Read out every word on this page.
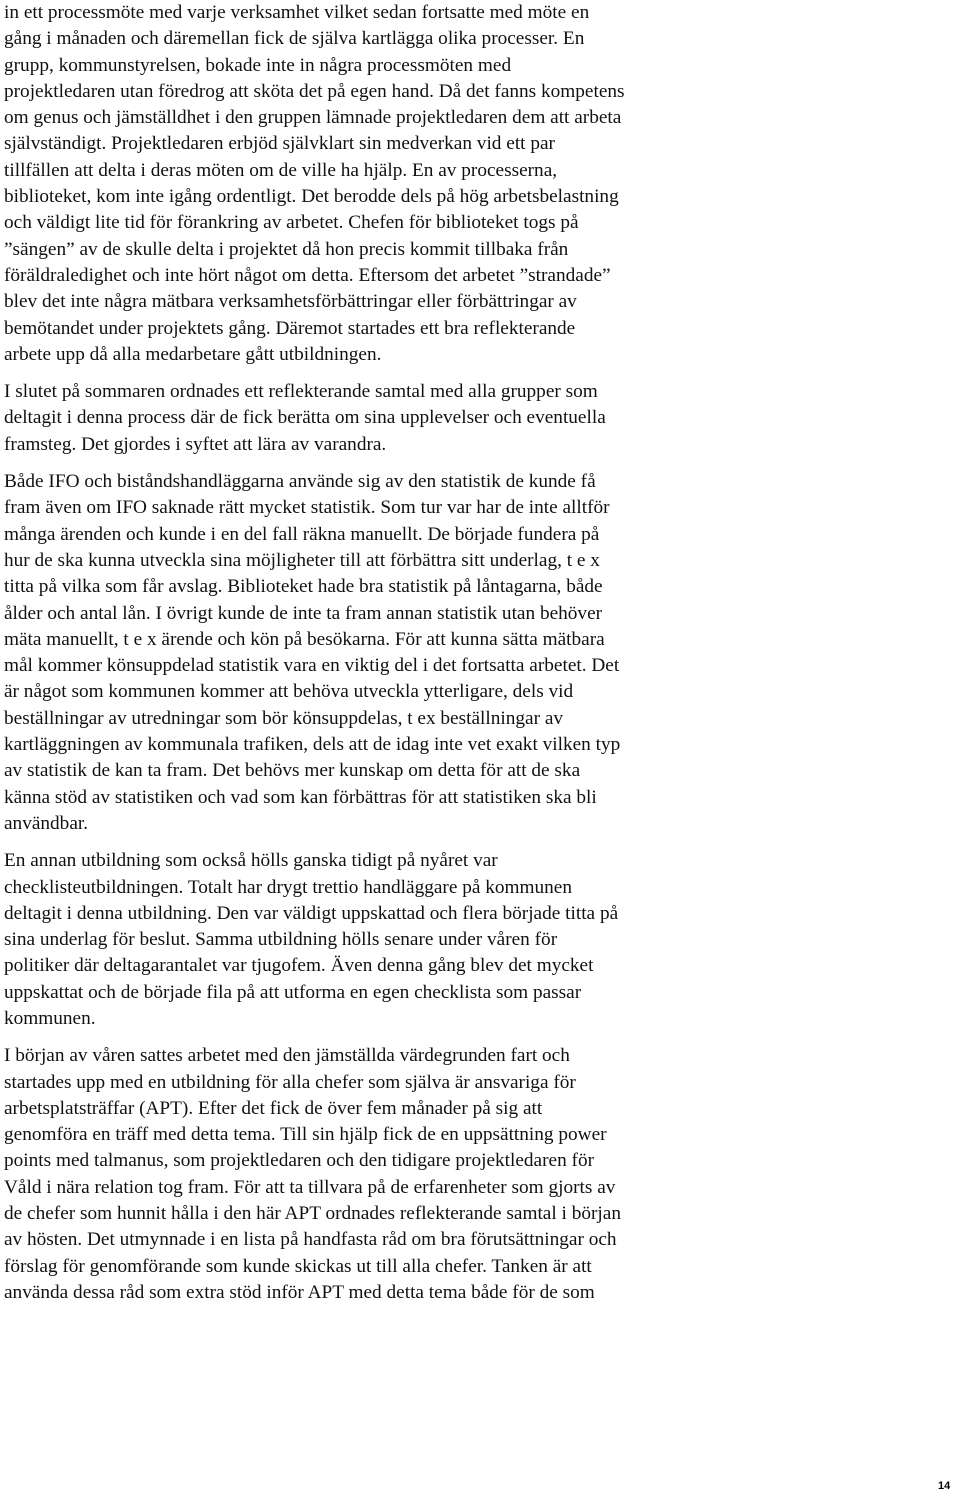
in ett processmöte med varje verksamhet vilket sedan fortsatte med möte en
gång i månaden och däremellan fick de själva kartlägga olika processer. En
grupp, kommunstyrelsen, bokade inte in några processmöten med
projektledaren utan föredrog att sköta det på egen hand. Då det fanns kompetens
om genus och jämställdhet i den gruppen lämnade projektledaren dem att arbeta
självständigt. Projektledaren erbjöd självklart sin medverkan vid ett par
tillfällen att delta i deras möten om de ville ha hjälp. En av processerna,
biblioteket, kom inte igång ordentligt. Det berodde dels på hög arbetsbelastning
och väldigt lite tid för förankring av arbetet. Chefen för biblioteket togs på
”sängen” av de skulle delta i projektet då hon precis kommit tillbaka från
föräldraledighet och inte hört något om detta. Eftersom det arbetet ”strandade”
blev det inte några mätbara verksamhetsförbättringar eller förbättringar av
bemötandet under projektets gång. Däremot startades ett bra reflekterande
arbete upp då alla medarbetare gått utbildningen.
I slutet på sommaren ordnades ett reflekterande samtal med alla grupper som
deltagit i denna process där de fick berätta om sina upplevelser och eventuella
framsteg. Det gjordes i syftet att lära av varandra.
Både IFO och biståndshandläggarna använde sig av den statistik de kunde få
fram även om IFO saknade rätt mycket statistik. Som tur var har de inte alltför
många ärenden och kunde i en del fall räkna manuellt. De började fundera på
hur de ska kunna utveckla sina möjligheter till att förbättra sitt underlag, t e x
titta på vilka som får avslag. Biblioteket hade bra statistik på låntagarna, både
ålder och antal lån. I övrigt kunde de inte ta fram annan statistik utan behöver
mäta manuellt, t e x ärende och kön på besökarna. För att kunna sätta mätbara
mål kommer könsuppdelad statistik vara en viktig del i det fortsatta arbetet. Det
är något som kommunen kommer att behöva utveckla ytterligare, dels vid
beställningar av utredningar som bör könsuppdelas, t ex beställningar av
kartläggningen av kommunala trafiken, dels att de idag inte vet exakt vilken typ
av statistik de kan ta fram. Det behövs mer kunskap om detta för att de ska
känna stöd av statistiken och vad som kan förbättras för att statistiken ska bli
användbar.
En annan utbildning som också hölls ganska tidigt på nyåret var
checklisteutbildningen. Totalt har drygt trettio handläggare på kommunen
deltagit i denna utbildning. Den var väldigt uppskattad och flera började titta på
sina underlag för beslut. Samma utbildning hölls senare under våren för
politiker där deltagarantalet var tjugofem. Även denna gång blev det mycket
uppskattat och de började fila på att utforma en egen checklista som passar
kommunen.
I början av våren sattes arbetet med den jämställda värdegrunden fart och
startades upp med en utbildning för alla chefer som själva är ansvariga för
arbetsplatsträffar (APT). Efter det fick de över fem månader på sig att
genomföra en träff med detta tema. Till sin hjälp fick de en uppsättning power
points med talmanus, som projektledaren och den tidigare projektledaren för
Våld i nära relation tog fram. För att ta tillvara på de erfarenheter som gjorts av
de chefer som hunnit hålla i den här APT ordnades reflekterande samtal i början
av hösten. Det utmynnade i en lista på handfasta råd om bra förutsättningar och
förslag för genomförande som kunde skickas ut till alla chefer. Tanken är att
använda dessa råd som extra stöd inför APT med detta tema både för de som
14
